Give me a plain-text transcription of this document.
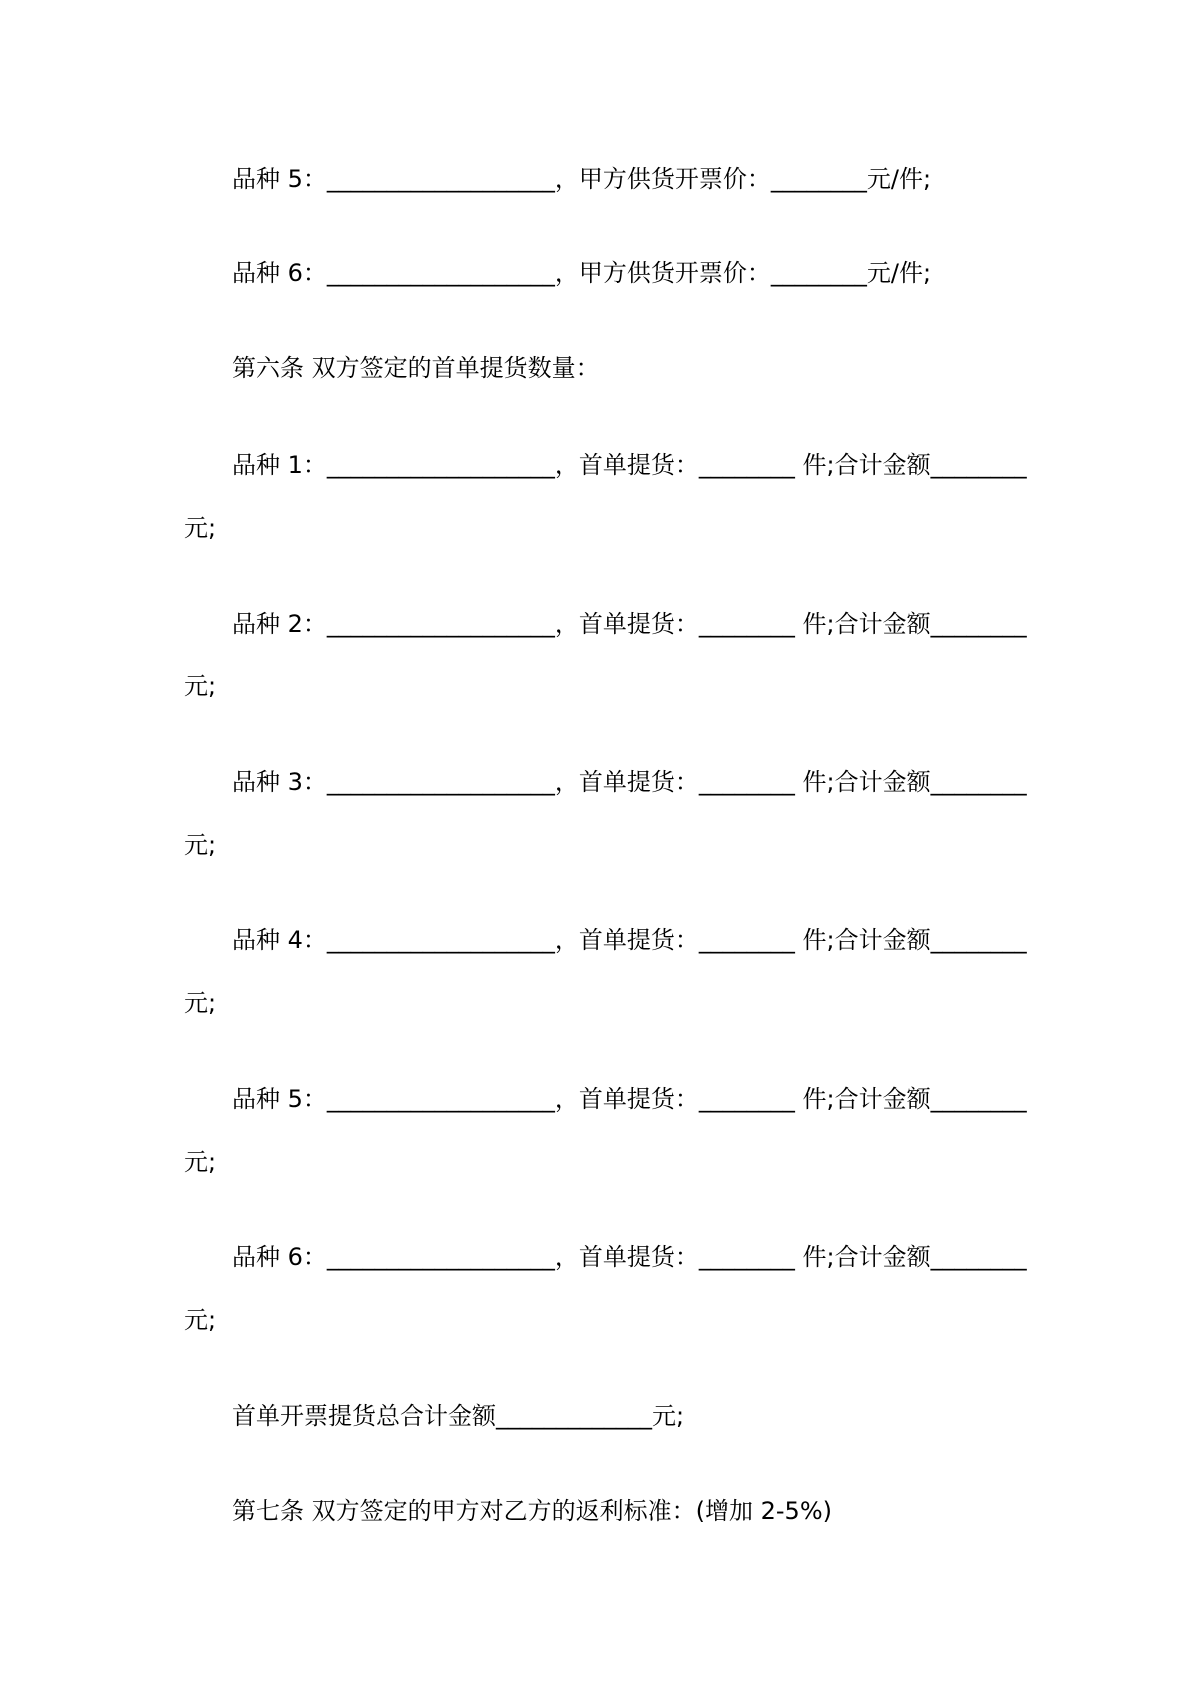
品种 5：___________________，甲方供货开票价：________元/件;
品种 6：___________________，甲方供货开票价：________元/件;
第六条 双方签定的首单提货数量：
品种 1：___________________，首单提货：________ 件;合计金额________
元;
品种 2：___________________，首单提货：________ 件;合计金额________
元;
品种 3：___________________，首单提货：________ 件;合计金额________
元;
品种 4：___________________，首单提货：________ 件;合计金额________
元;
品种 5：___________________，首单提货：________ 件;合计金额________
元;
品种 6：___________________，首单提货：________ 件;合计金额________
元;
首单开票提货总合计金额_____________元;
第七条 双方签定的甲方对乙方的返利标准：(增加 2-5%)
